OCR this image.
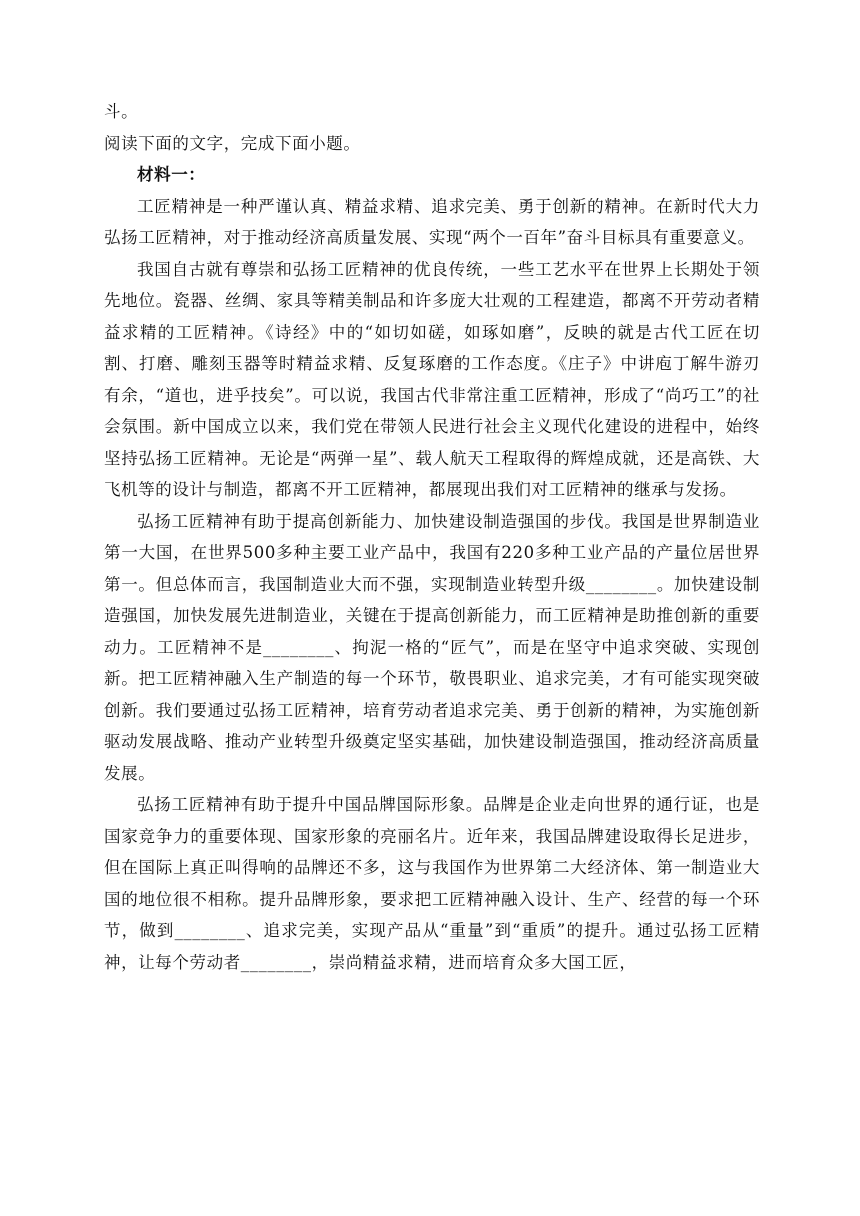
斗。

阅读下面的文字，完成下面小题。

材料一：

工匠精神是一种严谨认真、精益求精、追求完美、勇于创新的精神。在新时代大力弘扬工匠精神，对于推动经济高质量发展、实现“两个一百年”奋斗目标具有重要意义。

我国自古就有尊崇和弘扬工匠精神的优良传统，一些工艺水平在世界上长期处于领先地位。瓷器、丝绸、家具等精美制品和许多庞大壮观的工程建造，都离不开劳动者精益求精的工匠精神。《诗经》中的“如切如磋，如琢如磨”，反映的就是古代工匠在切割、打磨、雕刻玉器等时精益求精、反复琢磨的工作态度。《庄子》中讲庖丁解牛游刃有余，“道也，进乎技矣”。可以说，我国古代非常注重工匠精神，形成了“尚巧工”的社会氛围。新中国成立以来，我们党在带领人民进行社会主义现代化建设的进程中，始终坚持弘扬工匠精神。无论是“两弹一星”、载人航天工程取得的辉煌成就，还是高铁、大飞机等的设计与制造，都离不开工匠精神，都展现出我们对工匠精神的继承与发扬。

弘扬工匠精神有助于提高创新能力、加快建设制造强国的步伐。我国是世界制造业第一大国，在世界500多种主要工业产品中，我国有220多种工业产品的产量位居世界第一。但总体而言，我国制造业大而不强，实现制造业转型升级________。加快建设制造强国，加快发展先进制造业，关键在于提高创新能力，而工匠精神是助推创新的重要动力。工匠精神不是________、拘泥一格的“匠气”，而是在坚守中追求突破、实现创新。把工匠精神融入生产制造的每一个环节，敬畏职业、追求完美，才有可能实现突破创新。我们要通过弘扬工匠精神，培育劳动者追求完美、勇于创新的精神，为实施创新驱动发展战略、推动产业转型升级奠定坚实基础，加快建设制造强国，推动经济高质量发展。

弘扬工匠精神有助于提升中国品牌国际形象。品牌是企业走向世界的通行证，也是国家竞争力的重要体现、国家形象的亮丽名片。近年来，我国品牌建设取得长足进步，但在国际上真正叫得响的品牌还不多，这与我国作为世界第二大经济体、第一制造业大国的地位很不相称。提升品牌形象，要求把工匠精神融入设计、生产、经营的每一个环节，做到________、追求完美，实现产品从“重量”到“重质”的提升。通过弘扬工匠精神，让每个劳动者________，崇尚精益求精，进而培育众多大国工匠，
